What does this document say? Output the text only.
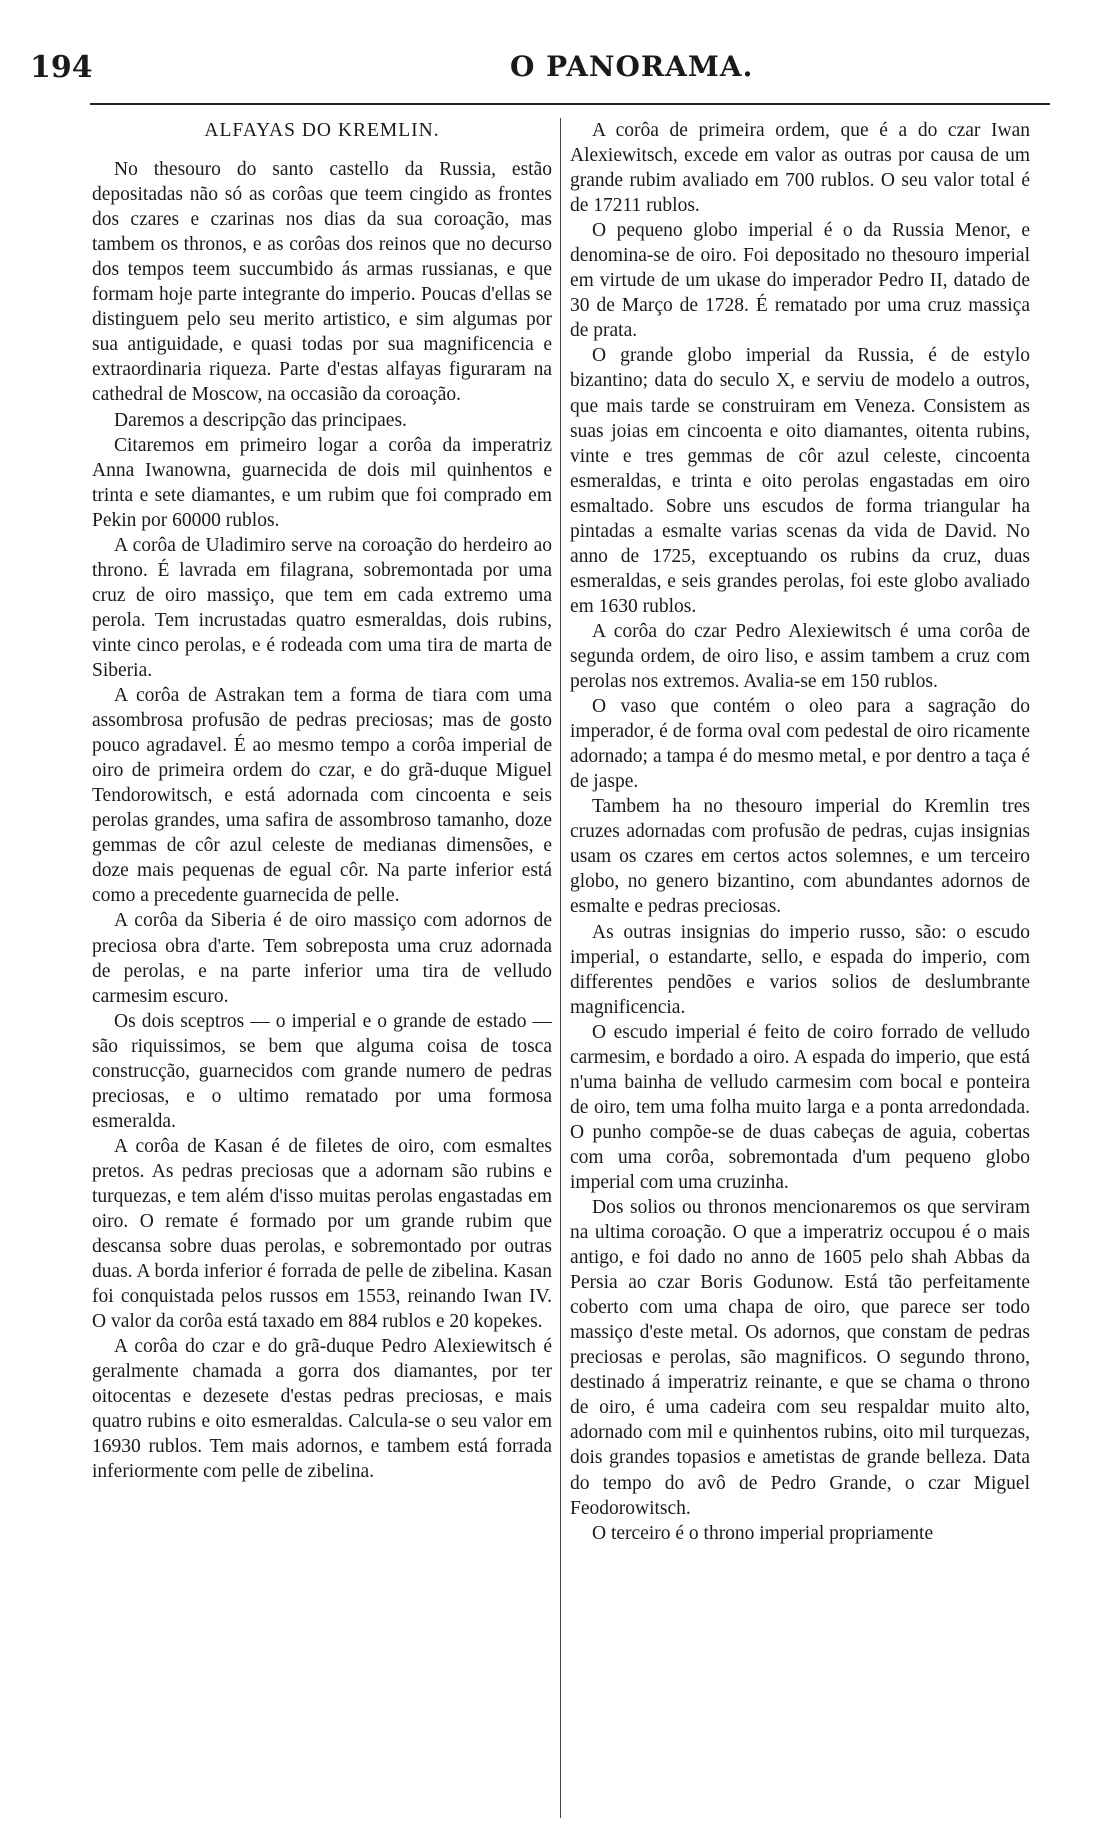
194	O PANORAMA.
ALFAYAS DO KREMLIN.

No thesouro do santo castello da Russia, estão depositadas não só as corôas que teem cingido as frontes dos czares e czarinas nos dias da sua coroação, mas tambem os thronos, e as corôas dos reinos que no decurso dos tempos teem succumbido ás armas russianas, e que formam hoje parte integrante do imperio. Poucas d'ellas se distinguem pelo seu merito artistico, e sim algumas por sua antiguidade, e quasi todas por sua magnificencia e extraordinaria riqueza. Parte d'estas alfayas figuraram na cathedral de Moscow, na occasião da coroação.

Daremos a descripção das principaes.

Citaremos em primeiro logar a corôa da imperatriz Anna Iwanowna, guarnecida de dois mil quinhentos e trinta e sete diamantes, e um rubim que foi comprado em Pekin por 60000 rublos.

A corôa de Uladimiro serve na coroação do herdeiro ao throno. É lavrada em filagrana, sobremontada por uma cruz de oiro massiço, que tem em cada extremo uma perola. Tem incrustadas quatro esmeraldas, dois rubins, vinte cinco perolas, e é rodeada com uma tira de marta de Siberia.

A corôa de Astrakan tem a forma de tiara com uma assombrosa profusão de pedras preciosas; mas de gosto pouco agradavel. É ao mesmo tempo a corôa imperial de oiro de primeira ordem do czar, e do grã-duque Miguel Tendorowitsch, e está adornada com cincoenta e seis perolas grandes, uma safira de assombroso tamanho, doze gemmas de côr azul celeste de medianas dimensões, e doze mais pequenas de egual côr. Na parte inferior está como a precedente guarnecida de pelle.

A corôa da Siberia é de oiro massiço com adornos de preciosa obra d'arte. Tem sobreposta uma cruz adornada de perolas, e na parte inferior uma tira de velludo carmesim escuro.

Os dois sceptros — o imperial e o grande de estado — são riquissimos, se bem que alguma coisa de tosca construcção, guarnecidos com grande numero de pedras preciosas, e o ultimo rematado por uma formosa esmeralda.

A corôa de Kasan é de filetes de oiro, com esmaltes pretos. As pedras preciosas que a adornam são rubins e turquezas, e tem além d'isso muitas perolas engastadas em oiro. O remate é formado por um grande rubim que descansa sobre duas perolas, e sobremontado por outras duas. A borda inferior é forrada de pelle de zibelina. Kasan foi conquistada pelos russos em 1553, reinando Iwan IV. O valor da corôa está taxado em 884 rublos e 20 kopekes.

A corôa do czar e do grã-duque Pedro Alexiewitsch é geralmente chamada a gorra dos diamantes, por ter oitocentas e dezesete d'estas pedras preciosas, e mais quatro rubins e oito esmeraldas. Calcula-se o seu valor em 16930 rublos. Tem mais adornos, e tambem está forrada inferiormente com pelle de zibelina.

A corôa de primeira ordem, que é a do czar Iwan Alexiewitsch, excede em valor as outras por causa de um grande rubim avaliado em 700 rublos. O seu valor total é de 17211 rublos.

O pequeno globo imperial é o da Russia Menor, e denomina-se de oiro. Foi depositado no thesouro imperial em virtude de um ukase do imperador Pedro II, datado de 30 de Março de 1728. É rematado por uma cruz massiça de prata.

O grande globo imperial da Russia, é de estylo bizantino; data do seculo X, e serviu de modelo a outros, que mais tarde se construiram em Veneza. Consistem as suas joias em cincoenta e oito diamantes, oitenta rubins, vinte e tres gemmas de côr azul celeste, cincoenta esmeraldas, e trinta e oito perolas engastadas em oiro esmaltado. Sobre uns escudos de forma triangular ha pintadas a esmalte varias scenas da vida de David. No anno de 1725, exceptuando os rubins da cruz, duas esmeraldas, e seis grandes perolas, foi este globo avaliado em 1630 rublos.

A corôa do czar Pedro Alexiewitsch é uma corôa de segunda ordem, de oiro liso, e assim tambem a cruz com perolas nos extremos. Avalia-se em 150 rublos.

O vaso que contém o oleo para a sagração do imperador, é de forma oval com pedestal de oiro ricamente adornado; a tampa é do mesmo metal, e por dentro a taça é de jaspe.

Tambem ha no thesouro imperial do Kremlin tres cruzes adornadas com profusão de pedras, cujas insignias usam os czares em certos actos solemnes, e um terceiro globo, no genero bizantino, com abundantes adornos de esmalte e pedras preciosas.

As outras insignias do imperio russo, são: o escudo imperial, o estandarte, sello, e espada do imperio, com differentes pendões e varios solios de deslumbrante magnificencia.

O escudo imperial é feito de coiro forrado de velludo carmesim, e bordado a oiro. A espada do imperio, que está n'uma bainha de velludo carmesim com bocal e ponteira de oiro, tem uma folha muito larga e a ponta arredondada. O punho compõe-se de duas cabeças de aguia, cobertas com uma corôa, sobremontada d'um pequeno globo imperial com uma cruzinha.

Dos solios ou thronos mencionaremos os que serviram na ultima coroação. O que a imperatriz occupou é o mais antigo, e foi dado no anno de 1605 pelo shah Abbas da Persia ao czar Boris Godunow. Está tão perfeitamente coberto com uma chapa de oiro, que parece ser todo massiço d'este metal. Os adornos, que constam de pedras preciosas e perolas, são magnificos. O segundo throno, destinado á imperatriz reinante, e que se chama o throno de oiro, é uma cadeira com seu respaldar muito alto, adornado com mil e quinhentos rubins, oito mil turquezas, dois grandes topasios e ametistas de grande belleza. Data do tempo do avô de Pedro Grande, o czar Miguel Feodorowitsch.

O terceiro é o throno imperial propriamente
